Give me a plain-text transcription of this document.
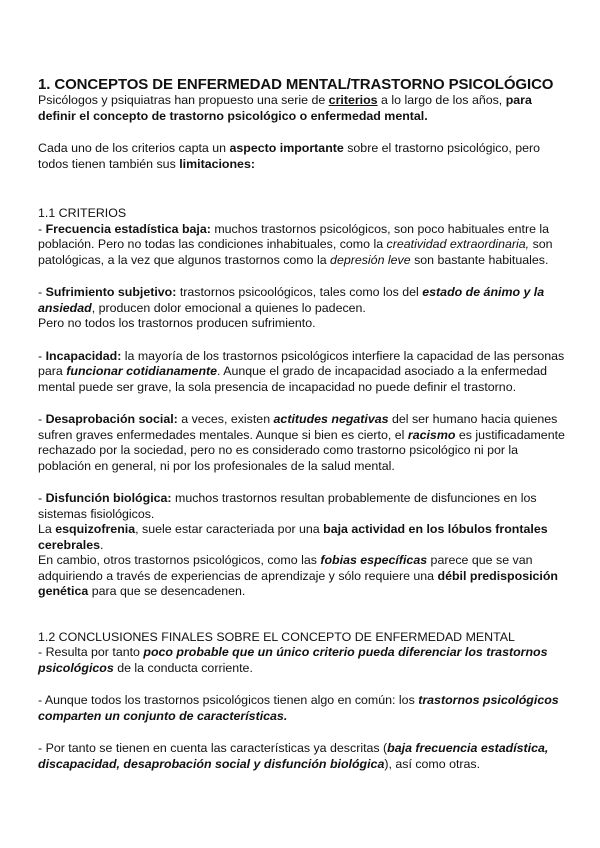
1. CONCEPTOS DE ENFERMEDAD MENTAL/TRASTORNO PSICOLÓGICO

Psicólogos y psiquiatras han propuesto una serie de criterios a lo largo de los años, para definir el concepto de trastorno psicológico o enfermedad mental.

Cada uno de los criterios capta un aspecto importante sobre el trastorno psicológico, pero todos tienen también sus limitaciones:

1.1 CRITERIOS

- Frecuencia estadística baja: muchos trastornos psicológicos, son poco habituales entre la población. Pero no todas las condiciones inhabituales, como la creatividad extraordinaria, son patológicas, a la vez que algunos trastornos como la depresión leve son bastante habituales.

- Sufrimiento subjetivo: trastornos psicoológicos, tales como los del estado de ánimo y la ansiedad, producen dolor emocional a quienes lo padecen.

Pero no todos los trastornos producen sufrimiento.

- Incapacidad: la mayoría de los trastornos psicológicos interfiere la capacidad de las personas para funcionar cotidianamente. Aunque el grado de incapacidad asociado a la enfermedad mental puede ser grave, la sola presencia de incapacidad no puede definir el trastorno.

- Desaprobación social: a veces, existen actitudes negativas del ser humano hacia quienes sufren graves enfermedades mentales. Aunque si bien es cierto, el racismo es justificadamente rechazado por la sociedad, pero no es considerado como trastorno psicológico ni por la población en general, ni por los profesionales de la salud mental.

- Disfunción biológica: muchos trastornos resultan probablemente de disfunciones en los sistemas fisiológicos.

La esquizofrenia, suele estar caracteriada por una baja actividad en los lóbulos frontales cerebrales.

En cambio, otros trastornos psicológicos, como las fobias específicas parece que se van adquiriendo a través de experiencias de aprendizaje y sólo requiere una débil predisposición genética para que se desencadenen.

1.2 CONCLUSIONES FINALES SOBRE EL CONCEPTO DE ENFERMEDAD MENTAL

- Resulta por tanto poco probable que un único criterio pueda diferenciar los trastornos psicológicos de la conducta corriente.

- Aunque todos los trastornos psicológicos tienen algo en común: los trastornos psicológicos comparten un conjunto de características.

- Por tanto se tienen en cuenta las características ya descritas (baja frecuencia estadística, discapacidad, desaprobación social y disfunción biológica), así como otras.
